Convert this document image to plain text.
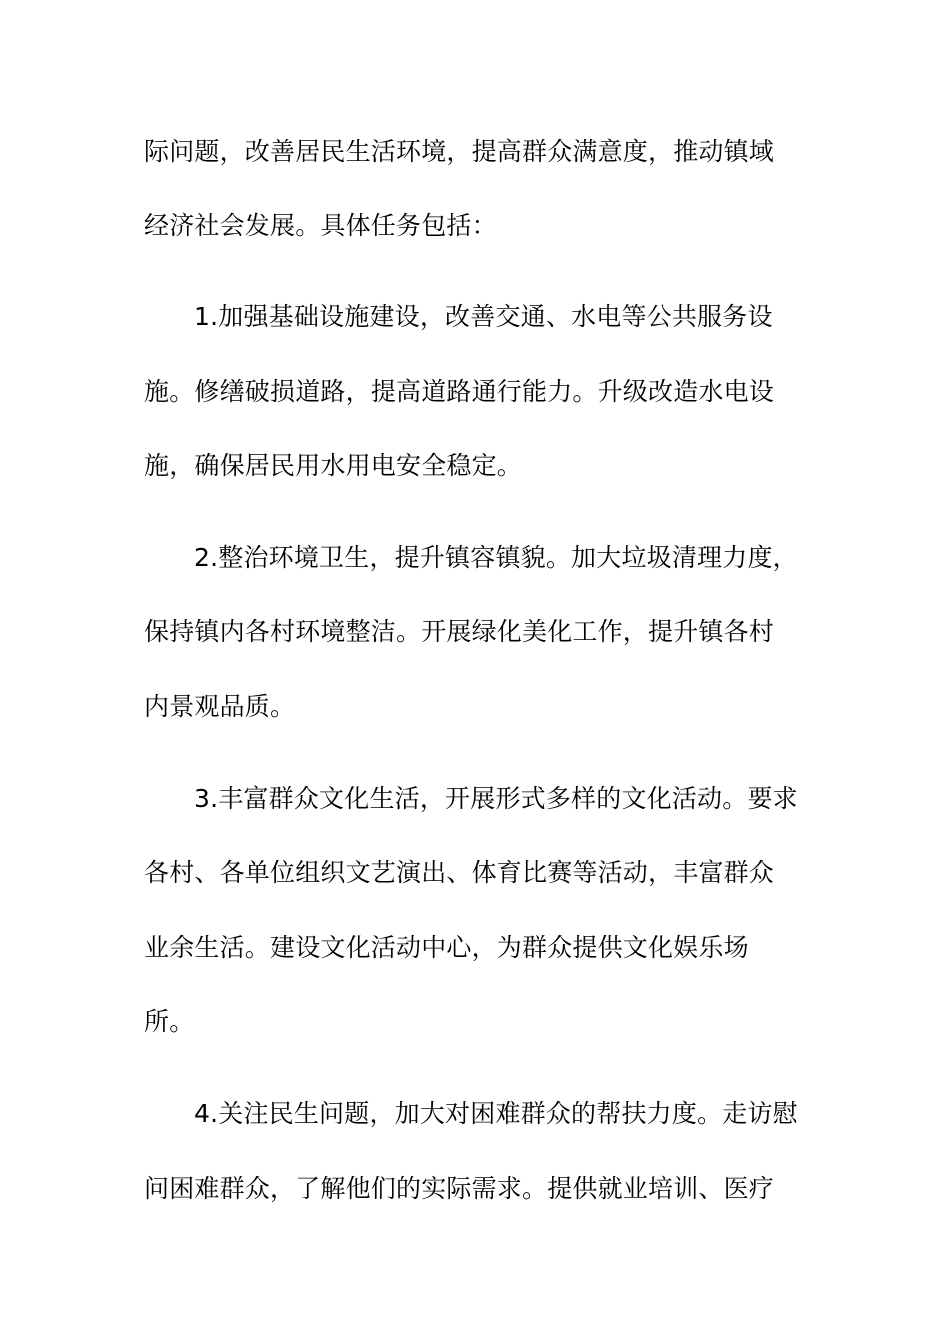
际问题，改善居民生活环境，提高群众满意度，推动镇域
经济社会发展。具体任务包括：
1.加强基础设施建设，改善交通、水电等公共服务设
施。修缮破损道路，提高道路通行能力。升级改造水电设
施，确保居民用水用电安全稳定。
2.整治环境卫生，提升镇容镇貌。加大垃圾清理力度，
保持镇内各村环境整洁。开展绿化美化工作，提升镇各村
内景观品质。
3.丰富群众文化生活，开展形式多样的文化活动。要求
各村、各单位组织文艺演出、体育比赛等活动，丰富群众
业余生活。建设文化活动中心，为群众提供文化娱乐场
所。
4.关注民生问题，加大对困难群众的帮扶力度。走访慰
问困难群众，了解他们的实际需求。提供就业培训、医疗
